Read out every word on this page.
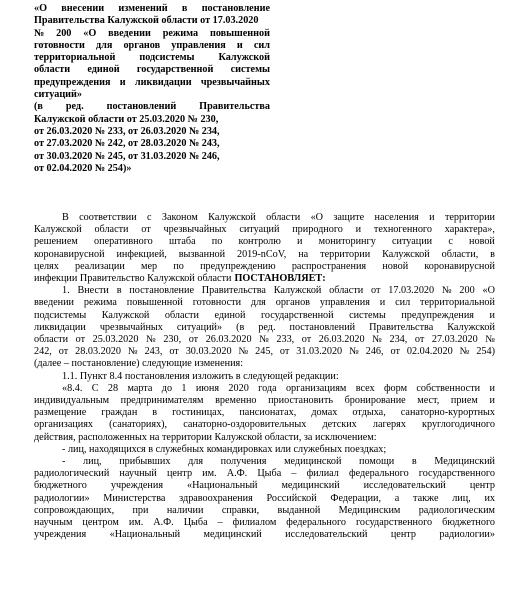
«О внесении изменений в постановление
Правительства Калужской области от 17.03.2020
№ 200 «О введении режима повышенной
готовности для органов управления и сил
территориальной подсистемы Калужской
области единой государственной системы
предупреждения и ликвидации чрезвычайных
ситуаций»
(в ред. постановлений Правительства
Калужской области от 25.03.2020 № 230,
от 26.03.2020 № 233, от 26.03.2020 № 234,
от 27.03.2020 № 242, от 28.03.2020 № 243,
от 30.03.2020 № 245, от 31.03.2020 № 246,
от 02.04.2020 № 254)»
В соответствии с Законом Калужской области «О защите населения и территории
Калужской области от чрезвычайных ситуаций природного и техногенного характера»,
решением оперативного штаба по контролю и мониторингу ситуации с новой
коронавирусной инфекцией, вызванной 2019-nCoV, на территории Калужской области, в
целях реализации мер по предупреждению распространения новой коронавирусной
инфекции Правительство Калужской области ПОСТАНОВЛЯЕТ:
1. Внести в постановление Правительства Калужской области от 17.03.2020 № 200 «О
введении режима повышенной готовности для органов управления и сил территориальной
подсистемы Калужской области единой государственной системы предупреждения и
ликвидации чрезвычайных ситуаций» (в ред. постановлений Правительства Калужской
области от 25.03.2020 № 230, от 26.03.2020 № 233, от 26.03.2020 № 234, от 27.03.2020 №
242, от 28.03.2020 № 243, от 30.03.2020 № 245, от 31.03.2020 № 246, от 02.04.2020 № 254)
(далее – постановление) следующие изменения:
1.1. Пункт 8.4 постановления изложить в следующей редакции:
«8.4. С 28 марта до 1 июня 2020 года организациям всех форм собственности и
индивидуальным предпринимателям временно приостановить бронирование мест, прием и
размещение граждан в гостиницах, пансионатах, домах отдыха, санаторно-курортных
организациях (санаториях), санаторно-оздоровительных детских лагерях круглогодичного
действия, расположенных на территории Калужской области, за исключением:
- лиц, находящихся в служебных командировках или служебных поездках;
- лиц, прибывших для получения медицинской помощи в Медицинский
радиологический научный центр им. А.Ф. Цыба – филиал федерального государственного
бюджетного учреждения «Национальный медицинский исследовательский центр
радиологии» Министерства здравоохранения Российской Федерации, а также лиц, их
сопровождающих, при наличии справки, выданной Медицинским радиологическим
научным центром им. А.Ф. Цыба – филиалом федерального государственного бюджетного
учреждения «Национальный медицинский исследовательский центр радиологии»
